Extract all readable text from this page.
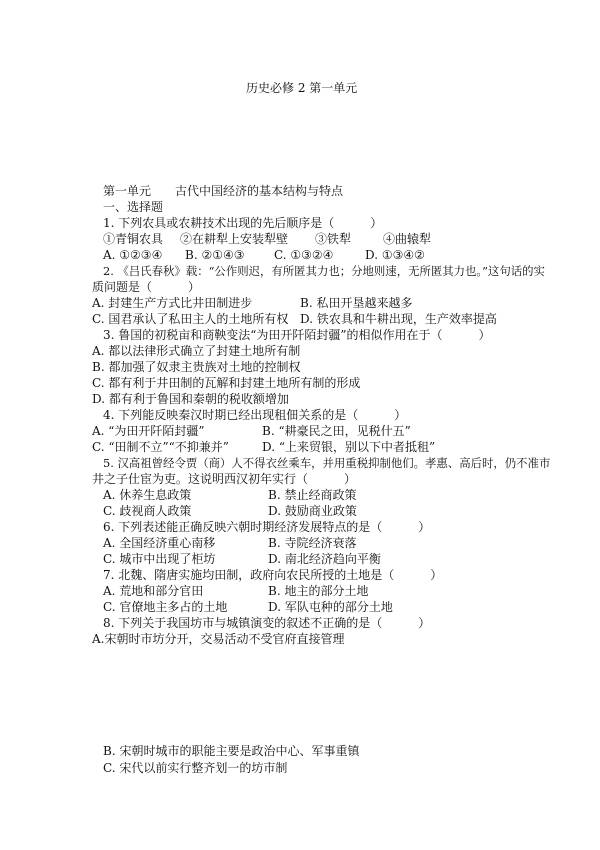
历史必修 2 第一单元
第一单元　　古代中国经济的基本结构与特点
一、选择题
1. 下列农具或农耕技术出现的先后顺序是（　　　）
①青铜农具 ②在耕犁上安装犁壁 ③铁犁	④曲辕犁
A. ①②③④ B. ②①④③ C. ①③②④	D. ①③④②
2. 《吕氏春秋》载：“公作则迟，有所匿其力也；分地则速，无所匿其力也。”这句话的实
质问题是（　　　）
A. 封建生产方式比井田制进步	B. 私田开垦越来越多
C. 国君承认了私田主人的土地所有权 D. 铁农具和牛耕出现，生产效率提高
3. 鲁国的初税亩和商鞅变法“为田开阡陌封疆”的相似作用在于（　　　）
A. 都以法律形式确立了封建土地所有制
B. 都加强了奴隶主贵族对土地的控制权
C. 都有利于井田制的瓦解和封建土地所有制的形成
D. 都有利于鲁国和秦朝的税收额增加
4. 下列能反映秦汉时期已经出现租佃关系的是（　　　）
A. “为田开阡陌封疆”	B. “耕豪民之田，见税什五”
C. “田制不立”“不抑兼并”	D. “上来贸银，别以下中者抵租”
5. 汉高祖曾经令贾（商）人不得衣丝乘车，并用重税抑制他们。孝惠、高后时，仍不准市
井之子仕宦为吏。这说明西汉初年实行（　　　）
A. 休养生息政策	B. 禁止经商政策
C. 歧视商人政策	D. 鼓励商业政策
6. 下列表述能正确反映六朝时期经济发展特点的是（　　　）
A. 全国经济重心南移	B. 寺院经济衰落
C. 城市中出现了柜坊	D. 南北经济趋向平衡
7. 北魏、隋唐实施均田制，政府向农民所授的土地是（　　　）
A. 荒地和部分官田	B. 地主的部分土地
C. 官僚地主多占的土地	D. 军队屯种的部分土地
8. 下列关于我国坊市与城镇演变的叙述不正确的是（　　　）
A.宋朝时市坊分开，交易活动不受官府直接管理
B. 宋朝时城市的职能主要是政治中心、军事重镇
C. 宋代以前实行整齐划一的坊市制
